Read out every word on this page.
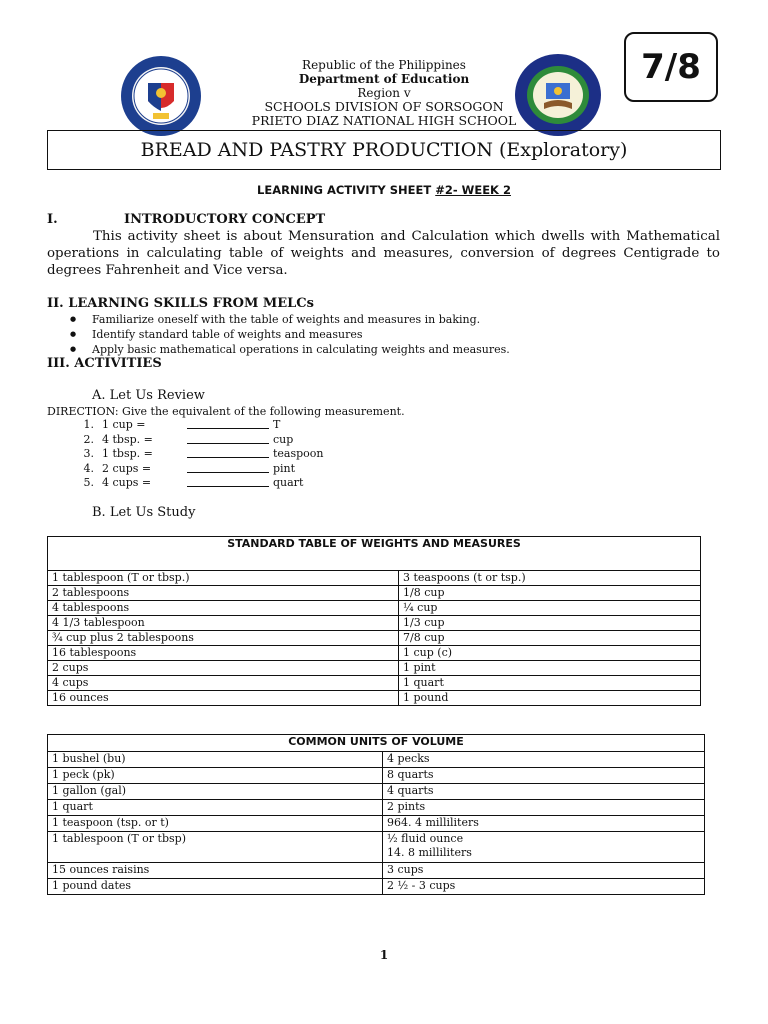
Republic of the Philippines
Department of Education
Region v
SCHOOLS DIVISION OF SORSOGON
PRIETO DIAZ NATIONAL HIGH SCHOOL
7/8
BREAD AND PASTRY PRODUCTION
(Exploratory)
LEARNING ACTIVITY SHEET #2- WEEK 2
I.	INTRODUCTORY CONCEPT
This activity sheet is about Mensuration and Calculation which dwells with Mathematical operations in calculating table of weights and measures, conversion of degrees Centigrade to degrees Fahrenheit and Vice versa.
II. LEARNING SKILLS FROM MELCs
● Familiarize oneself with the table of weights and measures in baking.
● Identify standard table of weights and measures
● Apply basic mathematical operations in calculating weights and measures.
III. ACTIVITIES
A. Let Us Review
DIRECTION: Give the equivalent of the following measurement.
1. 1 cup =	T
2. 4 tbsp. =	cup
3. 1 tbsp. =	teaspoon
4. 2 cups =	pint
5. 4 cups =	quart
B. Let Us Study
STANDARD TABLE OF WEIGHTS AND MEASURES	
1 tablespoon (T or tbsp.)	3 teaspoons (t or tsp.)
2 tablespoons	1/8 cup
4 tablespoons	¼ cup
4 1/3 tablespoon	1/3 cup
¾ cup plus 2 tablespoons	7/8 cup
16 tablespoons	1 cup (c)
2 cups	1 pint
4 cups	1 quart
16 ounces	1 pound
COMMON UNITS OF VOLUME	
1 bushel (bu)	4 pecks
1 peck (pk)	8 quarts
1 gallon (gal)	4 quarts
1 quart	2 pints
1 teaspoon (tsp. or t)	964. 4 milliliters
1 tablespoon (T or tbsp)	½ fluid ounce
14. 8 milliliters
15 ounces raisins	3 cups
1 pound dates	2 ½ - 3 cups
1
